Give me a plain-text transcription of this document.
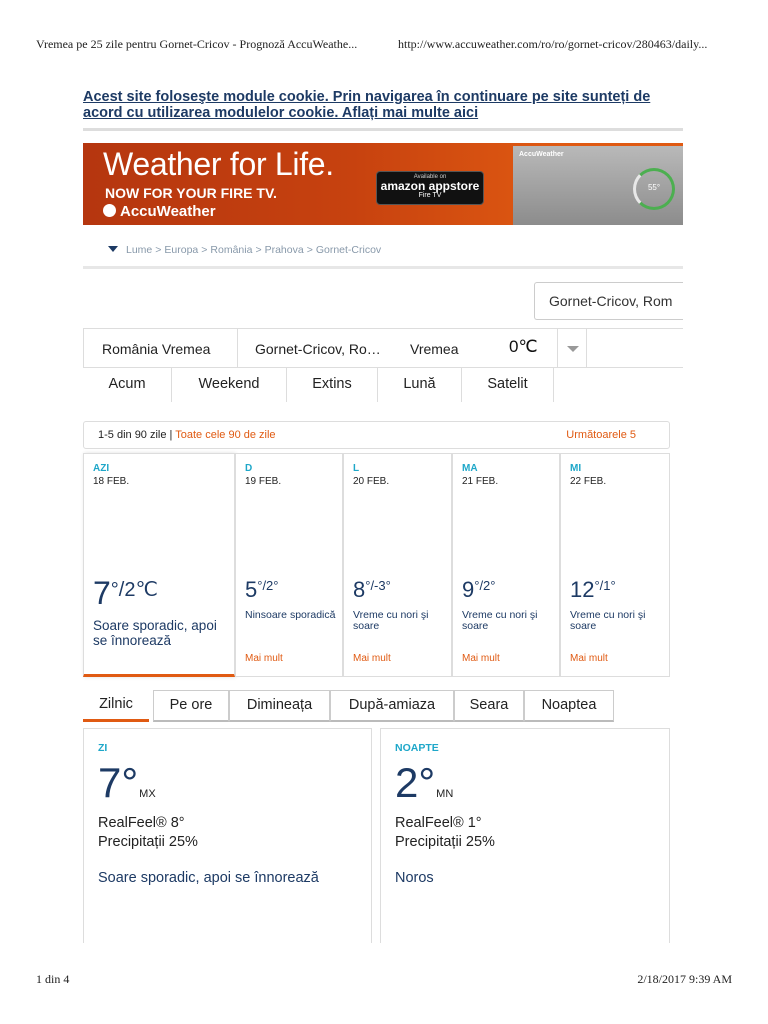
Vremea pe 25 zile pentru Gornet-Cricov - Prognoză AccuWeathe...	http://www.accuweather.com/ro/ro/gornet-cricov/280463/daily...
Acest site foloseşte module cookie. Prin navigarea în continuare pe site sunteți de acord cu utilizarea modulelor cookie. Aflați mai multe aici
Weather for Life.
NOW FOR YOUR FIRE TV.
AccuWeather
Available on
amazon appstore
Fire TV
AccuWeather
55°
Lume > Europa > România > Prahova > Gornet-Cricov
Gornet-Cricov, Rom
România Vremea	Gornet-Cricov, Ro… Vremea	0℃
Acum	Weekend	Extins	Lună	Satelit
1-5 din 90 zile | Toate cele 90 de zile	Următoarele 5
AZI
18 FEB.
$7^{^\circ/2℃}$
Soare sporadic, apoi se înnorează
D
19 FEB.
$5^{^\circ/2^\circ}$
Ninsoare sporadică
Mai mult
L
20 FEB.
$8^{^\circ/-3^\circ}$
Vreme cu nori şi soare
Mai mult
MA
21 FEB.
$9^{^\circ/2^\circ}$
Vreme cu nori şi soare
Mai mult
MI
22 FEB.
$12^{^\circ/1^\circ}$
Vreme cu nori şi soare
Mai mult
Zilnic	Pe ore	Dimineața	După-amiaza	Seara	Noaptea
ZI
7°MX
RealFeel® 8°
Precipitații 25%
Soare sporadic, apoi se înnorează
NOAPTE
2°MN
RealFeel® 1°
Precipitații 25%
Noros
1 din 4	2/18/2017 9:39 AM
